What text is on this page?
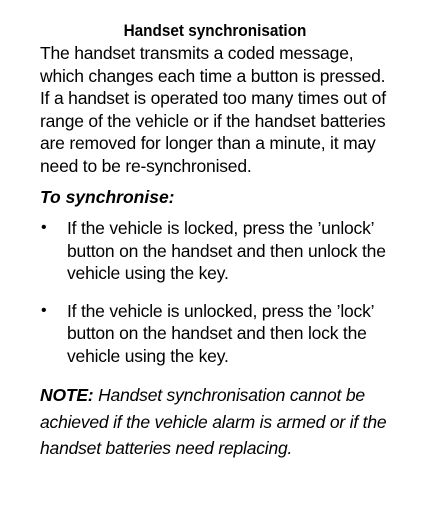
Handset synchronisation

The handset transmits a coded message, which changes each time a button is pressed. If a handset is operated too many times out of range of the vehicle or if the handset batteries are removed for longer than a minute, it may need to be re-synchronised.

To synchronise:

• If the vehicle is locked, press the ’unlock’ button on the handset and then unlock the vehicle using the key.
• If the vehicle is unlocked, press the ’lock’ button on the handset and then lock the vehicle using the key.

NOTE: Handset synchronisation cannot be achieved if the vehicle alarm is armed or if the handset batteries need replacing.
